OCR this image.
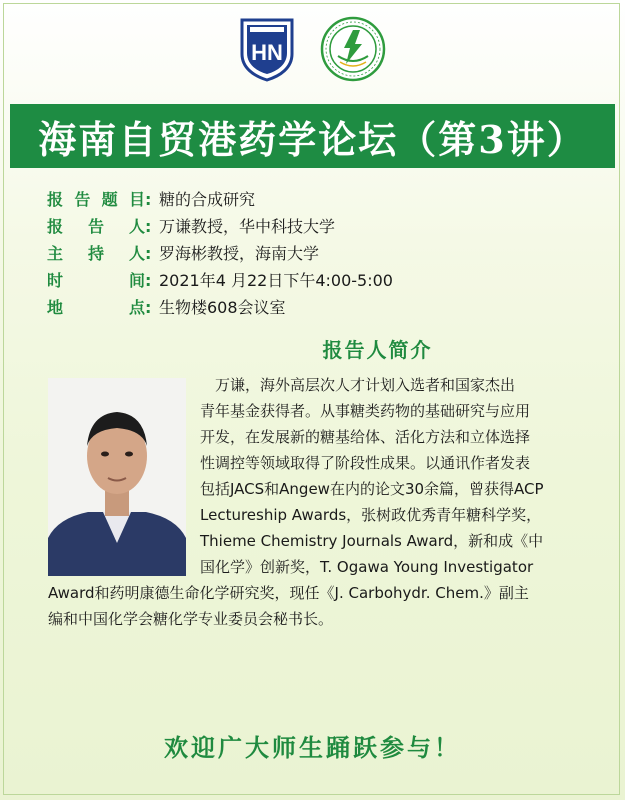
HN
海南自贸港药学论坛（第3讲）
报告题目: 糖的合成研究
报告人: 万谦教授，华中科技大学
主持人: 罗海彬教授，海南大学
时间: 2021年4 月22日下午4:00-5:00
地点: 生物楼608会议室
报告人简介
　万谦，海外高层次人才计划入选者和国家杰出
青年基金获得者。从事糖类药物的基础研究与应用
开发，在发展新的糖基给体、活化方法和立体选择
性调控等领域取得了阶段性成果。以通讯作者发表
包括JACS和Angew在内的论文30余篇，曾获得ACP
Lectureship Awards，张树政优秀青年糖科学奖，
Thieme Chemistry Journals Award，新和成《中
国化学》创新奖，T. Ogawa Young Investigator
Award和药明康德生命化学研究奖，现任《J. Carbohydr. Chem.》副主
编和中国化学会糖化学专业委员会秘书长。
欢迎广大师生踊跃参与！
